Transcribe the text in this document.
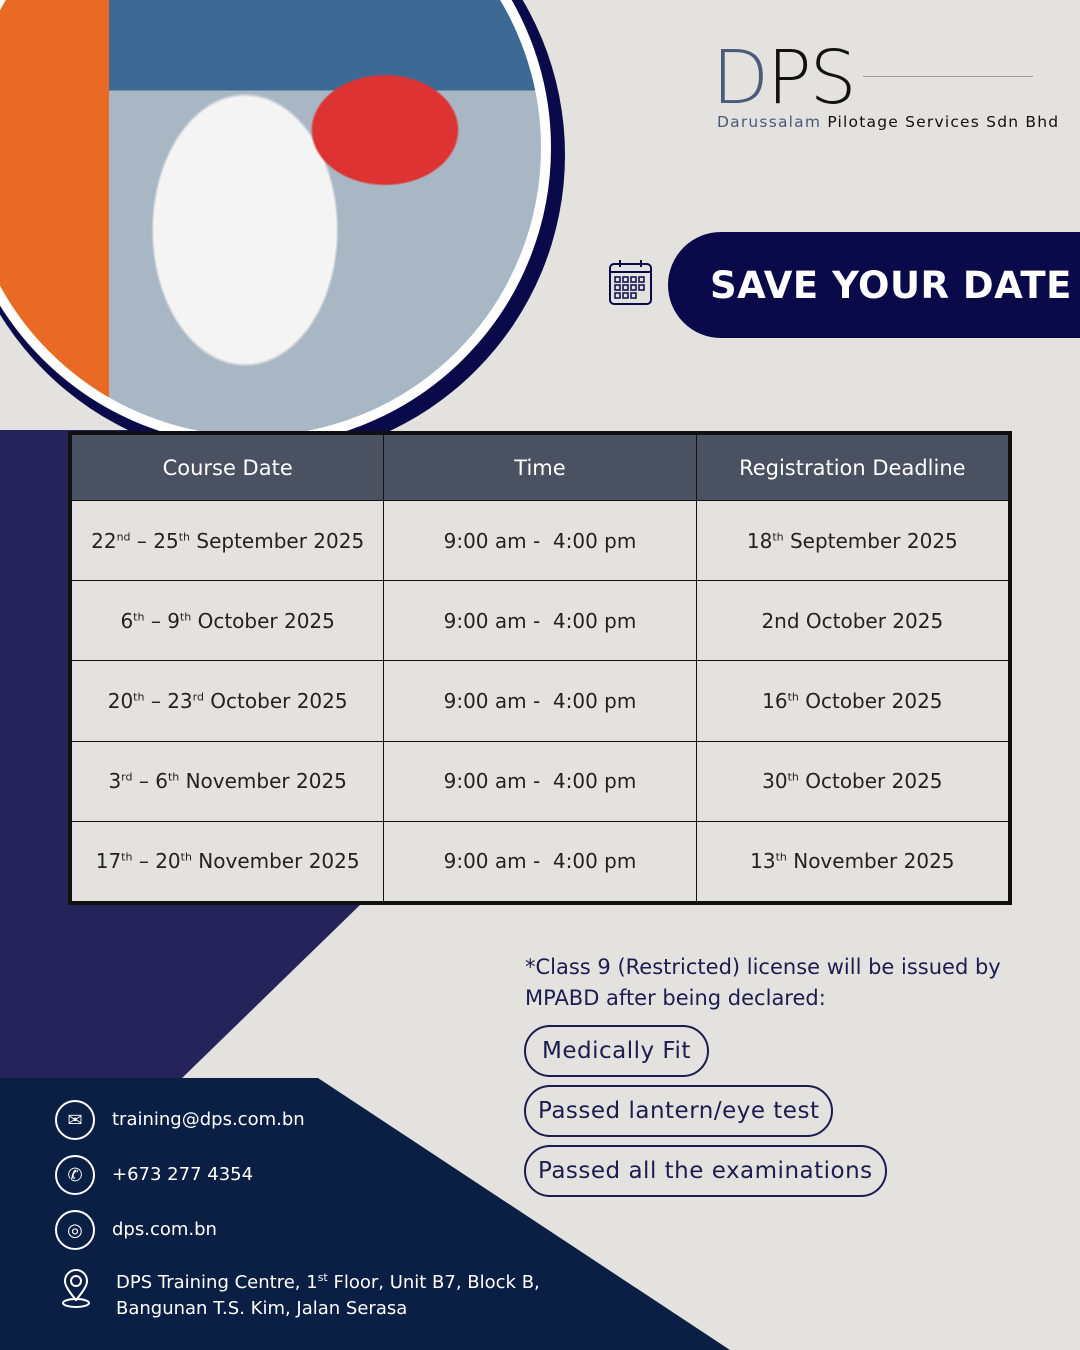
DPS
Darussalam Pilotage Services Sdn Bhd
SAVE YOUR DATE
Course Date	Time	Registration Deadline
22nd – 25th September 2025	9:00 am -  4:00 pm	18th September 2025
6th – 9th October 2025	9:00 am -  4:00 pm	2nd October 2025
20th – 23rd October 2025	9:00 am -  4:00 pm	16th October 2025
3rd – 6th November 2025	9:00 am -  4:00 pm	30th October 2025
17th – 20th November 2025	9:00 am -  4:00 pm	13th November 2025
*Class 9 (Restricted) license will be issued by MPABD after being declared:
Medically Fit
Passed lantern/eye test
Passed all the examinations
✉	training@dps.com.bn
✆	+673 277 4354
◎	dps.com.bn
DPS Training Centre, 1st Floor, Unit B7, Block B,
Bangunan T.S. Kim, Jalan Serasa
